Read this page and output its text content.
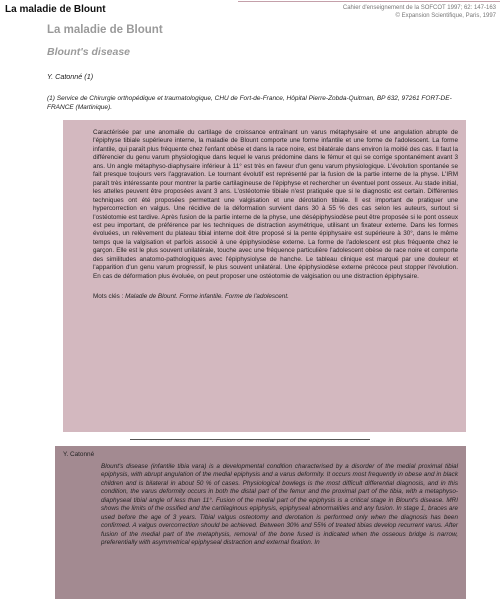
La maladie de Blount	Cahier d'enseignement de la SOFCOT 1997; 62: 147-163
© Expansion Scientifique, Paris, 1997
La maladie de Blount
Blount's disease
Y. Catonné (1)
(1) Service de Chirurgie orthopédique et traumatologique, CHU de Fort-de-France, Hôpital Pierre-Zobda-Quitman, BP 632, 97261 FORT-DE-FRANCE (Martinique).

Caractérisée par une anomalie du cartilage de croissance entraînant un varus métaphysaire et une angulation abrupte de l'épiphyse tibiale supérieure interne, la maladie de Blount comporte une forme infantile et une forme de l'adolescent. La forme infantile, qui paraît plus fréquente chez l'enfant obèse et dans la race noire, est bilatérale dans environ la moitié des cas. Il faut la différencier du genu varum physiologique dans lequel le varus prédomine dans le fémur et qui se corrige spontanément avant 3 ans. Un angle métaphyso-diaphysaire inférieur à 11° est très en faveur d'un genu varum physiologique. L'évolution spontanée se fait presque toujours vers l'aggravation. Le tournant évolutif est représenté par la fusion de la partie interne de la physe. L'IRM paraît très intéressante pour montrer la partie cartilagineuse de l'épiphyse et rechercher un éventuel pont osseux. Au stade initial, les attelles peuvent être proposées avant 3 ans. L'ostéotomie tibiale n'est pratiquée que si le diagnostic est certain. Différentes techniques ont été proposées permettant une valgisation et une dérotation tibiale. Il est important de pratiquer une hypercorrection en valgus. Une récidive de la déformation survient dans 30 à 55 % des cas selon les auteurs, surtout si l'ostéotomie est tardive. Après fusion de la partie interne de la physe, une désépiphysiodèse peut être proposée si le pont osseux est peu important, de préférence par les techniques de distraction asymétrique, utilisant un fixateur externe. Dans les formes évoluées, un relèvement du plateau tibial interne doit être proposé si la pente épiphysaire est supérieure à 30°, dans le même temps que la valgisation et parfois associé à une épiphysiodèse externe. La forme de l'adolescent est plus fréquente chez le garçon. Elle est le plus souvent unilatérale, touche avec une fréquence particulière l'adolescent obèse de race noire et comporte des similitudes anatomo-pathologiques avec l'épiphysiolyse de hanche. Le tableau clinique est marqué par une douleur et l'apparition d'un genu varum progressif, le plus souvent unilatéral. Une épiphysiodèse externe précoce peut stopper l'évolution. En cas de déformation plus évoluée, on peut proposer une ostéotomie de valgisation ou une distraction épiphysaire.

Mots clés : Maladie de Blount. Forme infantile. Forme de l'adolescent.

Y. Catonné

Blount's disease (infantile tibia vara) is a developmental condition characterised by a disorder of the medial proximal tibial epiphysis, with abrupt angulation of the medial epiphysis and a varus deformity. It occurs most frequently in obese and in black children and is bilateral in about 50 % of cases. Physiological bowlegs is the most difficult differential diagnosis, and in this condition, the varus deformity occurs in both the distal part of the femur and the proximal part of the tibia, with a metaphyso-diaphyseal tibial angle of less than 11°. Fusion of the medial part of the epiphysis is a critical stage in Blount's disease. MRI shows the limits of the ossified and the cartilaginous epiphysis, epiphyseal abnormalities and any fusion. In stage 1, braces are used before the age of 3 years. Tibial valgus osteotomy and derotation is performed only when the diagnosis has been confirmed. A valgus overcorrection should be achieved. Between 30% and 55% of treated tibias develop recurrent varus. After fusion of the medial part of the metaphysis, removal of the bone fused is indicated when the osseous bridge is narrow, preferentially with asymmetrical epiphyseal distraction and external fixation. In
